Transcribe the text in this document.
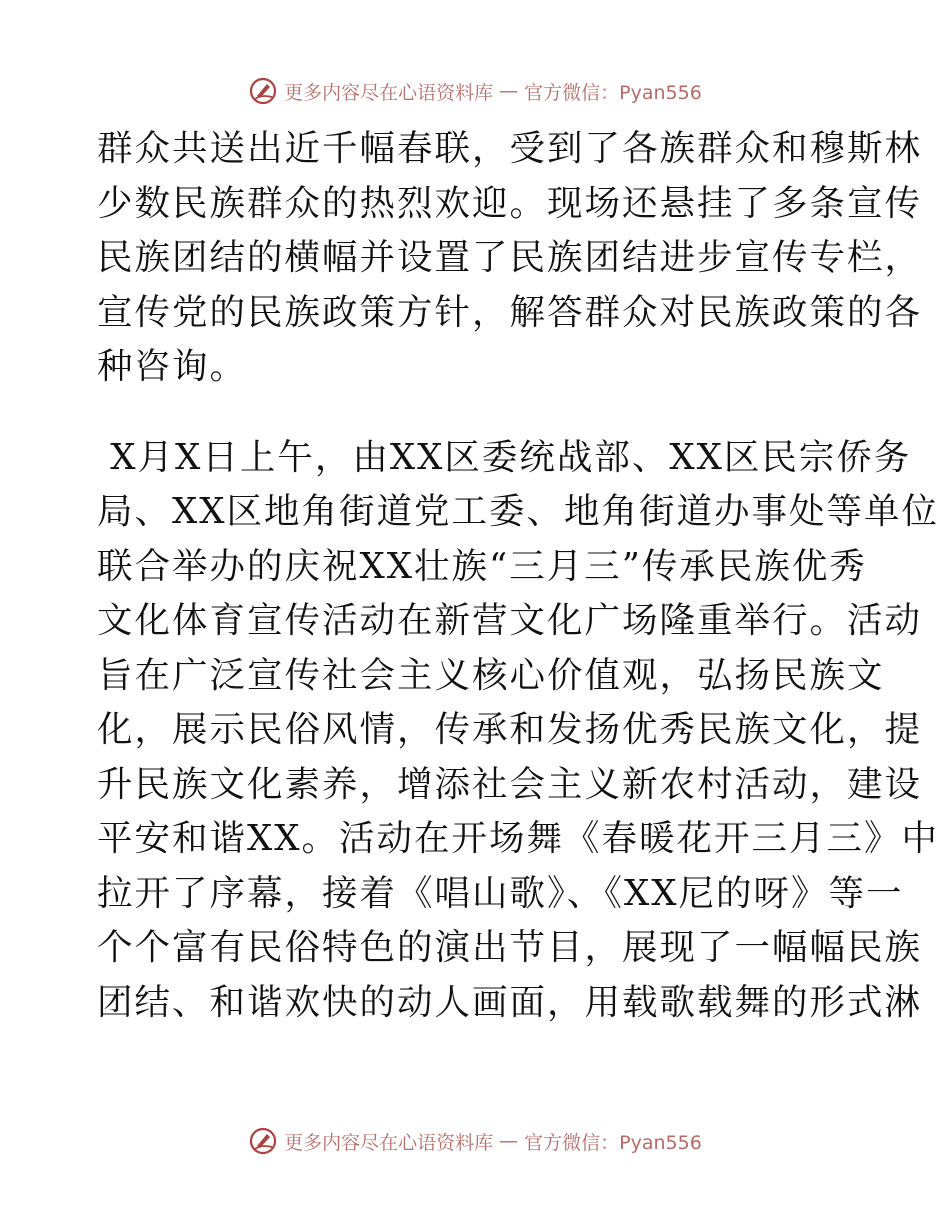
更多内容尽在心语资料库 — 官方微信：Pyan556

群众共送出近千幅春联，受到了各族群众和穆斯林

少数民族群众的热烈欢迎。现场还悬挂了多条宣传

民族团结的横幅并设置了民族团结进步宣传专栏，

宣传党的民族政策方针，解答群众对民族政策的各

种咨询。

X月X日上午，由XX区委统战部、XX区民宗侨务

局、XX区地角街道党工委、地角街道办事处等单位

联合举办的庆祝XX壮族“三月三”传承民族优秀

文化体育宣传活动在新营文化广场隆重举行。活动

旨在广泛宣传社会主义核心价值观，弘扬民族文

化，展示民俗风情，传承和发扬优秀民族文化，提

升民族文化素养，增添社会主义新农村活动，建设

平安和谐XX。活动在开场舞《春暖花开三月三》中

拉开了序幕，接着《唱山歌》、《XX尼的呀》等一

个个富有民俗特色的演出节目，展现了一幅幅民族

团结、和谐欢快的动人画面，用载歌载舞的形式淋

更多内容尽在心语资料库 — 官方微信：Pyan556
